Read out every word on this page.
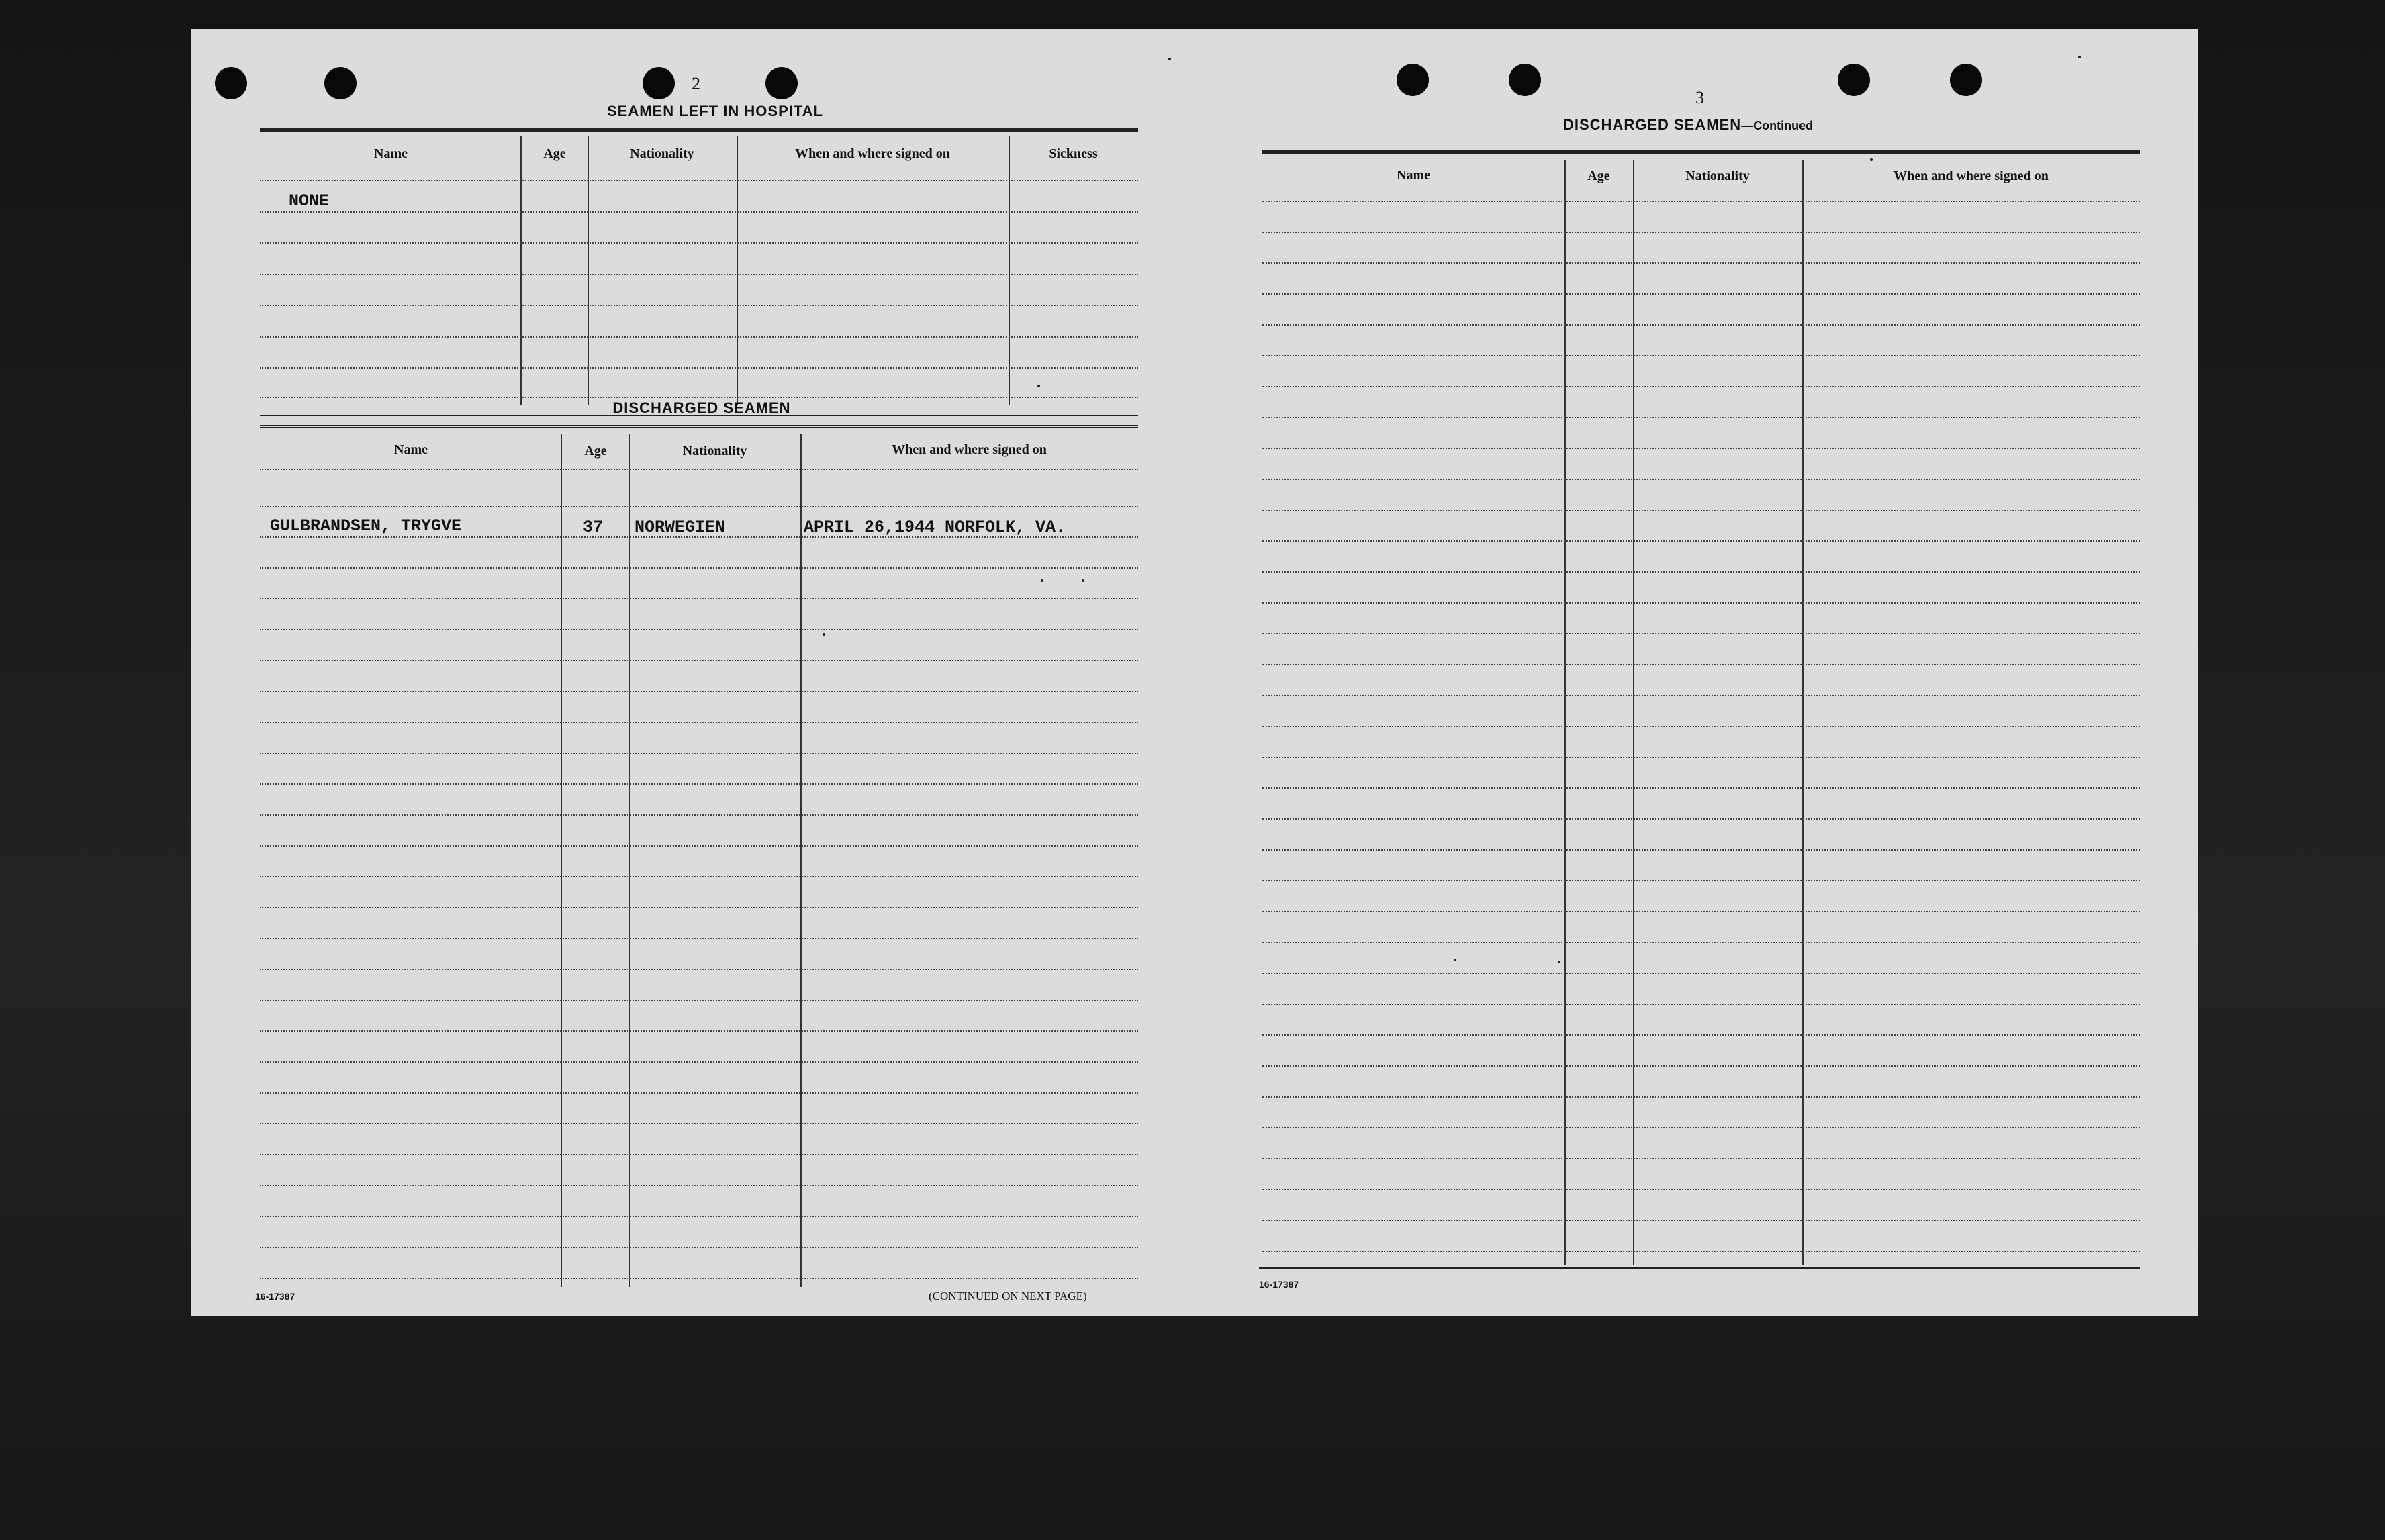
2
SEAMEN LEFT IN HOSPITAL
Name	Age	Nationality	When and where signed on	Sickness
NONE
DISCHARGED SEAMEN
Name	Age	Nationality	When and where signed on
GULBRANDSEN, TRYGVE	37 NORWEGIEN	APRIL 26,1944 NORFOLK, VA.
16-17387	(CONTINUED ON NEXT PAGE)
3
DISCHARGED SEAMEN—Continued
Name	Age	Nationality	When and where signed on
16-17387
